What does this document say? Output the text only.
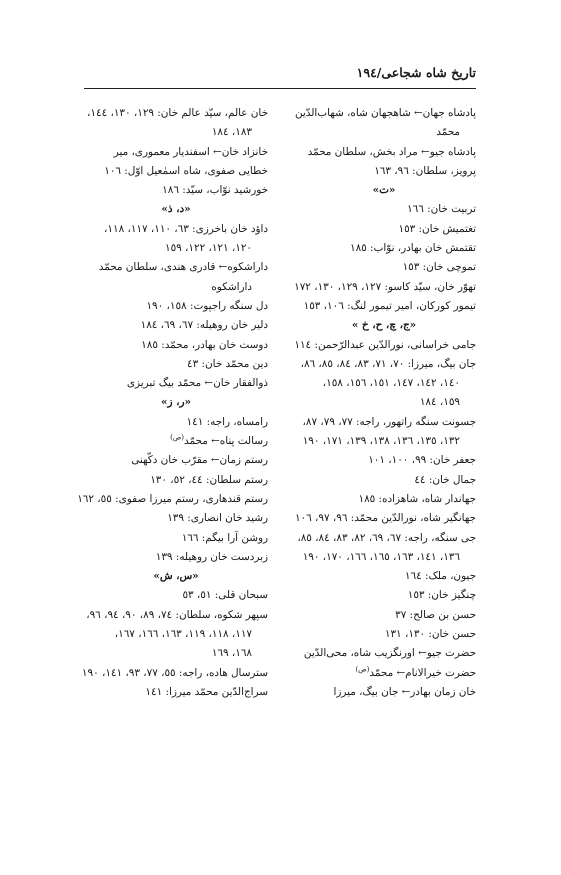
تاریخ شاه شجاعی/١٩٤
پادشاه جهان← شاهجهان شاه، شهاب‌الدّین
محمّد
پادشاه جیو← مراد بخش، سلطان محمّد
پرویز، سلطان: ٩٦، ١٦٣
«ت»
تربیت خان: ١٦٦
تغتمیش خان: ١٥٣
تقتمش خان بهادر، نوّاب: ١٨٥
تموچی خان: ١٥٣
تهوّر خان، سیّد کاسو: ١٢٧، ١٢٩، ١٣٠، ١٧٢
تیمور کورکان، امیر تیمور لنگ: ١٠٦، ١٥٣
«ج، چ، ح، خ »
جامی خراسانی، نورالدّین عبدالرّحمن: ١١٤
جان بیگ، میرزا: ٧٠، ٧١، ٨٣، ٨٤، ٨٥، ٨٦،
١٤٠، ١٤٢، ١٤٧، ١٥١، ١٥٦، ١٥٨،
١٥٩، ١٨٤
جسونت سنگه راتهور، راجه: ٧٧، ٧٩، ٨٧،
١٣٢، ١٣٥، ١٣٦، ١٣٨، ١٣٩، ١٧١، ١٩٠
جعفر خان: ٩٩، ١٠٠، ١٠١
جمال خان: ٤٤
جهاندار شاه، شاهزاده: ١٨٥
جهانگیر شاه، نورالدّین محمّد: ٩٦، ٩٧، ١٠٦
جی سنگه، راجه: ٦٧، ٦٩، ٨٢، ٨٣، ٨٤، ٨٥،
١٣٦، ١٤١، ١٦٣، ١٦٥، ١٦٦، ١٧٠، ١٩٠
جیون، ملک: ١٦٤
چنگیز خان: ١٥٣
حسن بن صالح: ٣٧
حسن خان: ١٣٠، ١٣١
حضرت جیو← اورنگزیب شاه، محی‌الدّین
حضرت خیرالانام← محمّد$^{(ص)}$
خان زمان بهادر← جان بیگ، میرزا
خان عالم، سیّد عالم خان: ١٢٩، ١٣٠، ١٤٤،
١٨٣، ١٨٤
خانزاد خان← اسفندیار معموری، میر
خطایی صفوی، شاه اسمٰعیل اوّل: ١٠٦
خورشید نوّاب، سیّد: ١٨٦
«د، ذ»
داؤد خان باخرزی: ٦٣، ١١٠، ١١٧، ١١٨،
١٢٠، ١٢١، ١٢٢، ١٥٩
داراشکوه← قادری هندی، سلطان محمّد
داراشکوه
دل سنگه راجپوت: ١٥٨، ١٩٠
دلیر خان روهیله: ٦٧، ٦٩، ١٨٤
دوست خان بهادر، محمّد: ١٨٥
دین محمّد خان: ٤٣
ذوالفقار خان← محمّد بیگ تبریزی
«ر، ز»
رامساه، راجه: ١٤١
رسالت پناه← محمّد$^{(ص)}$
رستم زمان← مقرّب خان دکّهنی
رستم سلطان: ٤٤، ٥٢، ١٣٠
رستم قندهاری، رستم میرزا صفوی: ٥٥، ١٦٢
رشید خان انصاری: ١٣٩
روشن آرا بیگم: ١٦٦
زبردست خان روهیله: ١٣٩
«س، ش»
سبحان قلی: ٥١، ٥٣
سپهر شکوه، سلطان: ٧٤، ٨٩، ٩٠، ٩٤، ٩٦،
١١٧، ١١٨، ١١٩، ١٦٣، ١٦٦، ١٦٧،
١٦٨، ١٦٩
سترسال هاده، راجه: ٥٥، ٧٧، ٩٣، ١٤١، ١٩٠
سراج‌الدّین محمّد میرزا: ١٤١
